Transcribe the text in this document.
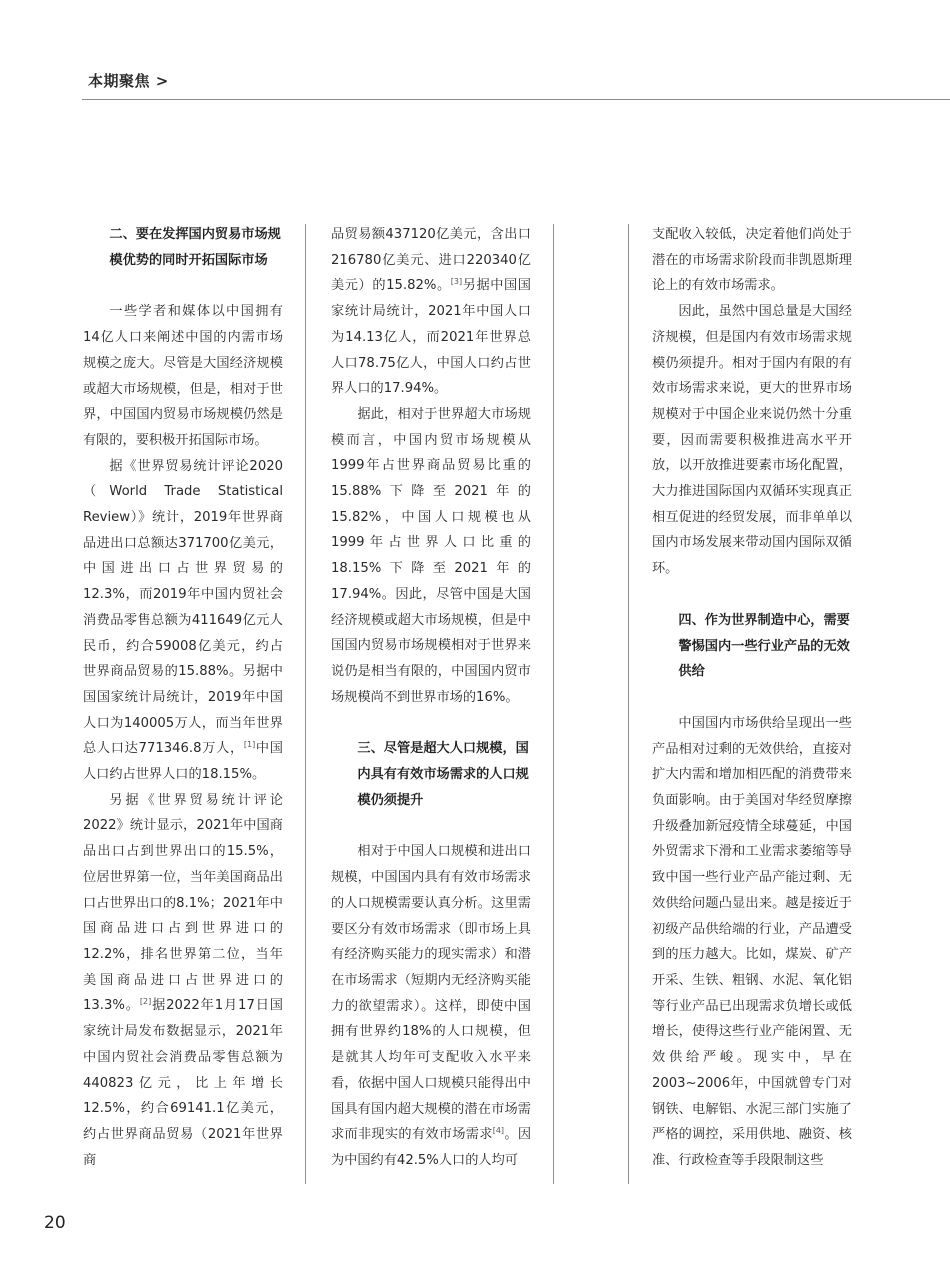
本期聚焦 >
二、要在发挥国内贸易市场规模优势的同时开拓国际市场

一些学者和媒体以中国拥有14亿人口来阐述中国的内需市场规模之庞大。尽管是大国经济规模或超大市场规模，但是，相对于世界，中国国内贸易市场规模仍然是有限的，要积极开拓国际市场。

据《世界贸易统计评论2020（World Trade Statistical Review）》统计，2019年世界商品进出口总额达371700亿美元，中国进出口占世界贸易的12.3%，而2019年中国内贸社会消费品零售总额为411649亿元人民币，约合59008亿美元，约占世界商品贸易的15.88%。另据中国国家统计局统计，2019年中国人口为140005万人，而当年世界总人口达771346.8万人，[1]中国人口约占世界人口的18.15%。

另据《世界贸易统计评论2022》统计显示，2021年中国商品出口占到世界出口的15.5%，位居世界第一位，当年美国商品出口占世界出口的8.1%；2021年中国商品进口占到世界进口的12.2%，排名世界第二位，当年美国商品进口占世界进口的13.3%。[2]据2022年1月17日国家统计局发布数据显示，2021年中国内贸社会消费品零售总额为440823亿元，比上年增长12.5%，约合69141.1亿美元，约占世界商品贸易（2021年世界商

品贸易额437120亿美元，含出口216780亿美元、进口220340亿美元）的15.82%。[3]另据中国国家统计局统计，2021年中国人口为14.13亿人，而2021年世界总人口78.75亿人，中国人口约占世界人口的17.94%。

据此，相对于世界超大市场规模而言，中国内贸市场规模从1999年占世界商品贸易比重的15.88%下降至2021年的15.82%，中国人口规模也从1999年占世界人口比重的18.15%下降至2021年的17.94%。因此，尽管中国是大国经济规模或超大市场规模，但是中国国内贸易市场规模相对于世界来说仍是相当有限的，中国国内贸市场规模尚不到世界市场的16%。

三、尽管是超大人口规模，国内具有有效市场需求的人口规模仍须提升

相对于中国人口规模和进出口规模，中国国内具有有效市场需求的人口规模需要认真分析。这里需要区分有效市场需求（即市场上具有经济购买能力的现实需求）和潜在市场需求（短期内无经济购买能力的欲望需求）。这样，即使中国拥有世界约18%的人口规模，但是就其人均年可支配收入水平来看，依据中国人口规模只能得出中国具有国内超大规模的潜在市场需求而非现实的有效市场需求[4]。因为中国约有42.5%人口的人均可

支配收入较低，决定着他们尚处于潜在的市场需求阶段而非凯恩斯理论上的有效市场需求。

因此，虽然中国总量是大国经济规模，但是国内有效市场需求规模仍须提升。相对于国内有限的有效市场需求来说，更大的世界市场规模对于中国企业来说仍然十分重要，因而需要积极推进高水平开放，以开放推进要素市场化配置，大力推进国际国内双循环实现真正相互促进的经贸发展，而非单单以国内市场发展来带动国内国际双循环。

四、作为世界制造中心，需要警惕国内一些行业产品的无效供给

中国国内市场供给呈现出一些产品相对过剩的无效供给，直接对扩大内需和增加相匹配的消费带来负面影响。由于美国对华经贸摩擦升级叠加新冠疫情全球蔓延，中国外贸需求下滑和工业需求萎缩等导致中国一些行业产品产能过剩、无效供给问题凸显出来。越是接近于初级产品供给端的行业，产品遭受到的压力越大。比如，煤炭、矿产开采、生铁、粗钢、水泥、氧化铝等行业产品已出现需求负增长或低增长，使得这些行业产能闲置、无效供给严峻。现实中，早在2003~2006年，中国就曾专门对钢铁、电解铝、水泥三部门实施了严格的调控，采用供地、融资、核准、行政检查等手段限制这些

20
